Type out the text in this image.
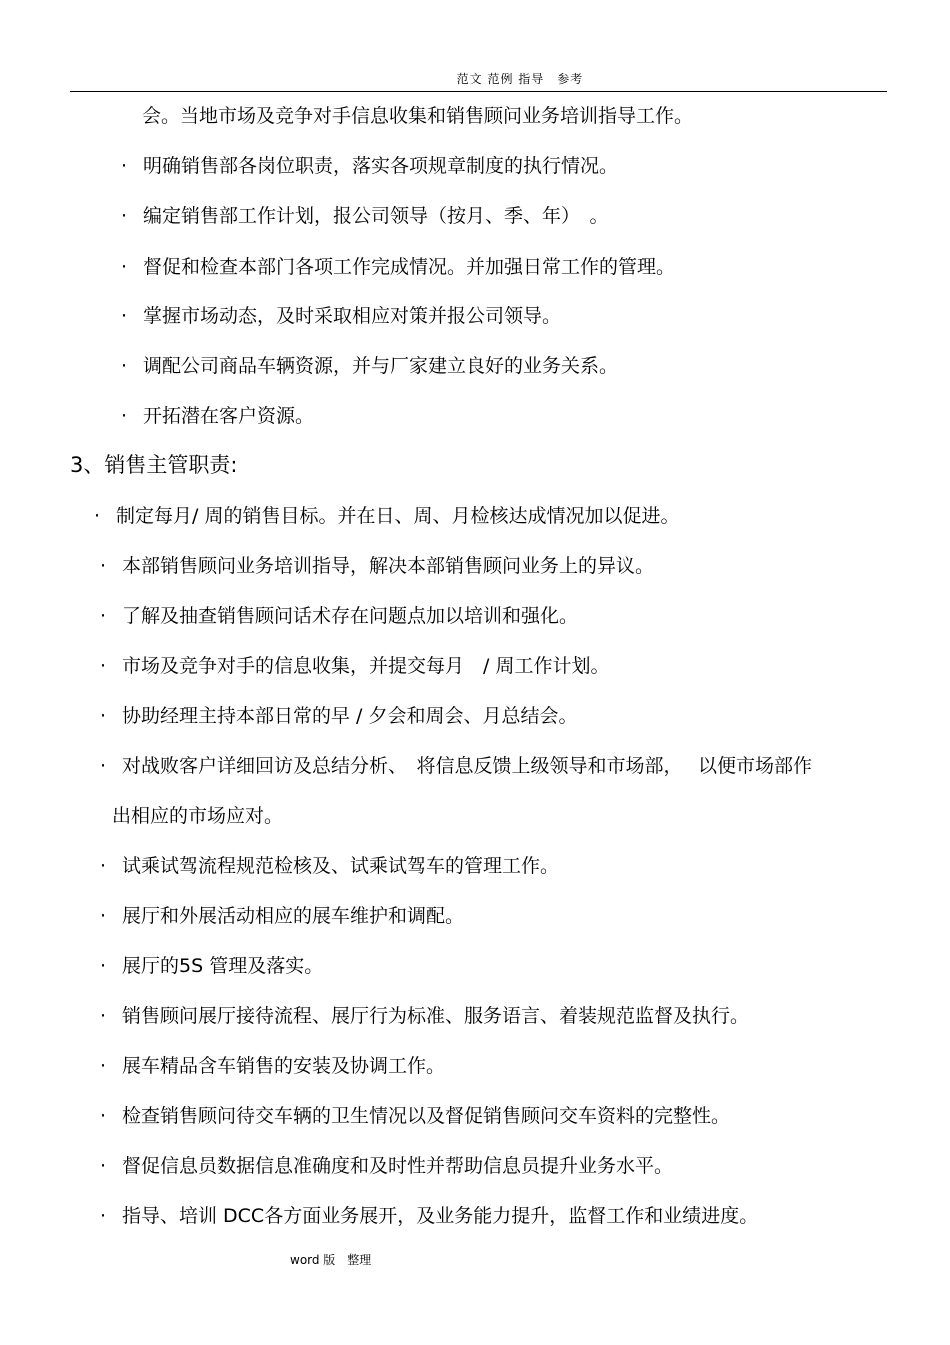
范文 范例 指导　参考
会。当地市场及竞争对手信息收集和销售顾问业务培训指导工作。
· 明确销售部各岗位职责，落实各项规章制度的执行情况。
· 编定销售部工作计划，报公司领导（按月、季、年）　。
· 督促和检查本部门各项工作完成情况。并加强日常工作的管理。
· 掌握市场动态，及时采取相应对策并报公司领导。
· 调配公司商品车辆资源，并与厂家建立良好的业务关系。
· 开拓潜在客户资源。
3、销售主管职责:
· 制定每月/ 周的销售目标。并在日、周、月检核达成情况加以促进。
· 本部销售顾问业务培训指导，解决本部销售顾问业务上的异议。
· 了解及抽查销售顾问话术存在问题点加以培训和强化。
· 市场及竞争对手的信息收集，并提交每月　/ 周工作计划。
· 协助经理主持本部日常的早 / 夕会和周会、月总结会。
· 对战败客户详细回访及总结分析、　将信息反馈上级领导和市场部，　 以便市场部作
出相应的市场应对。
· 试乘试驾流程规范检核及、试乘试驾车的管理工作。
· 展厅和外展活动相应的展车维护和调配。
· 展厅的5S 管理及落实。
· 销售顾问展厅接待流程、展厅行为标准、服务语言、着装规范监督及执行。
· 展车精品含车销售的安装及协调工作。
· 检查销售顾问待交车辆的卫生情况以及督促销售顾问交车资料的完整性。
· 督促信息员数据信息准确度和及时性并帮助信息员提升业务水平。
· 指导、培训 DCC各方面业务展开，及业务能力提升，监督工作和业绩进度。
word 版　整理
